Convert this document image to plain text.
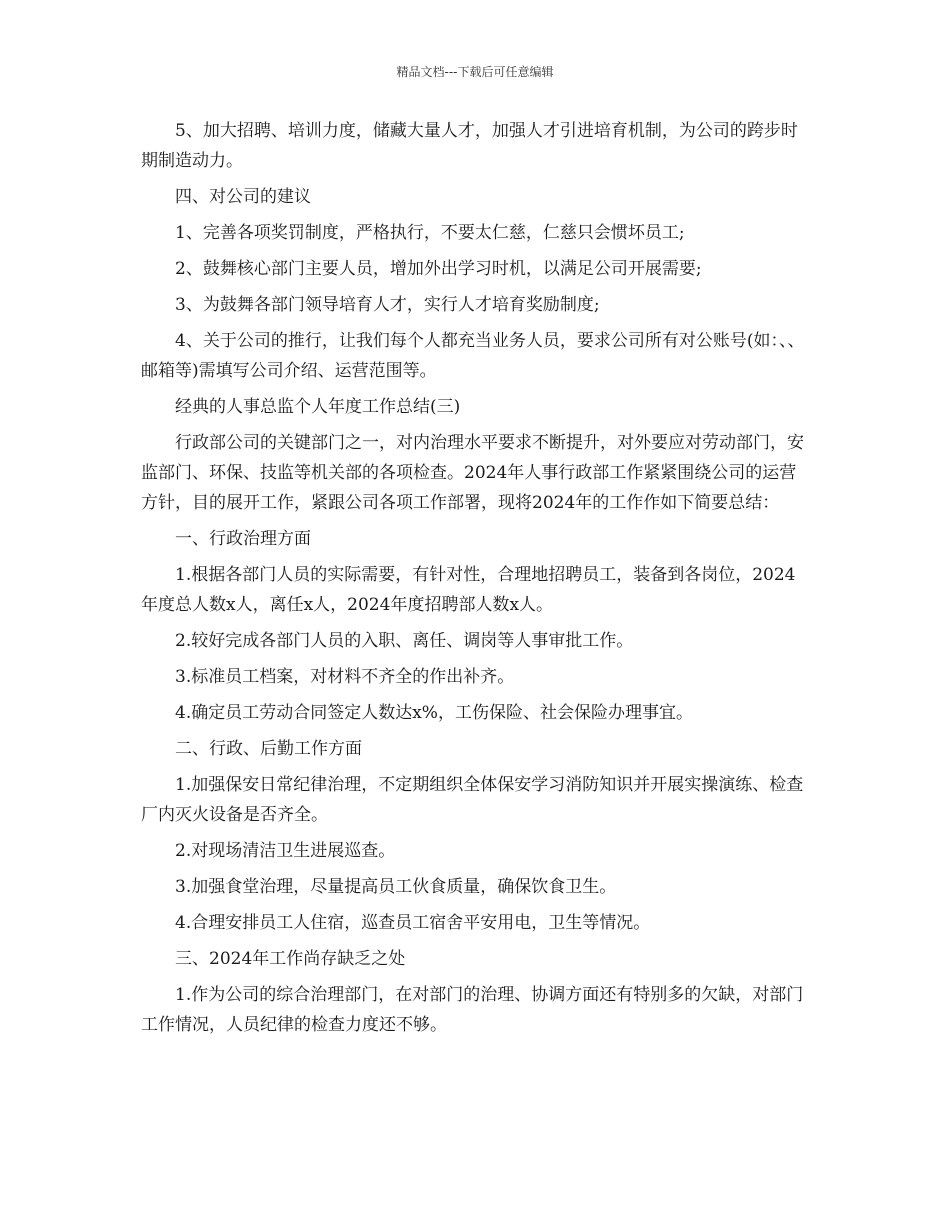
精品文档---下载后可任意编辑

5、加大招聘、培训力度，储藏大量人才，加强人才引进培育机制，为公司的跨步时期制造动力。

四、对公司的建议

1、完善各项奖罚制度，严格执行，不要太仁慈，仁慈只会惯坏员工;

2、鼓舞核心部门主要人员，增加外出学习时机，以满足公司开展需要;

3、为鼓舞各部门领导培育人才，实行人才培育奖励制度;

4、关于公司的推行，让我们每个人都充当业务人员，要求公司所有对公账号(如：、、邮箱等)需填写公司介绍、运营范围等。

经典的人事总监个人年度工作总结(三)

行政部公司的关键部门之一，对内治理水平要求不断提升，对外要应对劳动部门，安监部门、环保、技监等机关部的各项检查。2024年人事行政部工作紧紧围绕公司的运营方针，目的展开工作，紧跟公司各项工作部署，现将2024年的工作作如下简要总结：

一、行政治理方面

1.根据各部门人员的实际需要，有针对性，合理地招聘员工，装备到各岗位，2024年度总人数x人，离任x人，2024年度招聘部人数x人。

2.较好完成各部门人员的入职、离任、调岗等人事审批工作。

3.标准员工档案，对材料不齐全的作出补齐。

4.确定员工劳动合同签定人数达x%，工伤保险、社会保险办理事宜。

二、行政、后勤工作方面

1.加强保安日常纪律治理，不定期组织全体保安学习消防知识并开展实操演练、检查厂内灭火设备是否齐全。

2.对现场清洁卫生进展巡查。

3.加强食堂治理，尽量提高员工伙食质量，确保饮食卫生。

4.合理安排员工人住宿，巡查员工宿舍平安用电，卫生等情况。

三、2024年工作尚存缺乏之处

1.作为公司的综合治理部门，在对部门的治理、协调方面还有特别多的欠缺，对部门工作情况，人员纪律的检查力度还不够。
